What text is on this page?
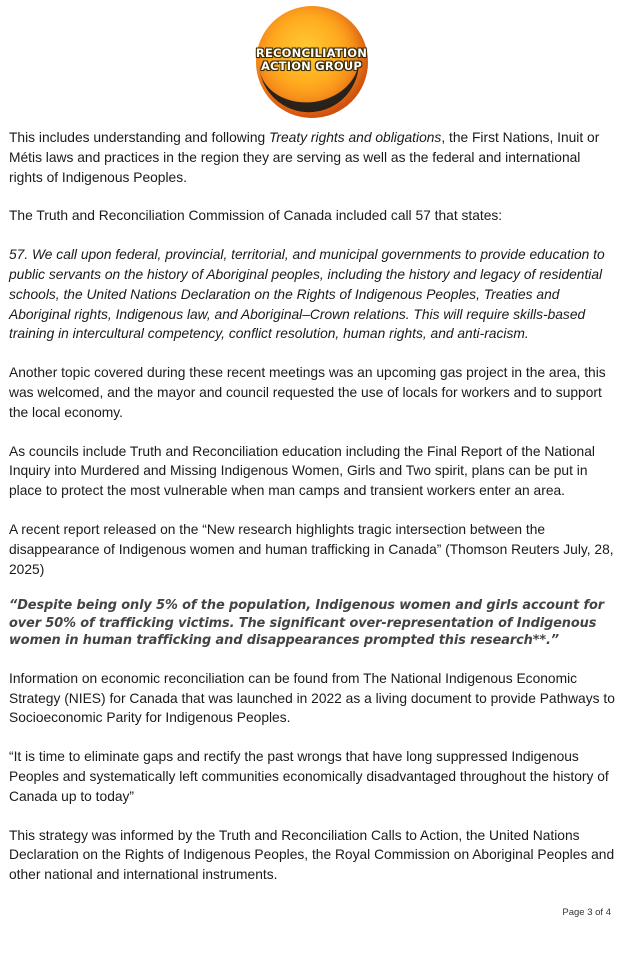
RECONCILIATION
ACTION GROUP

This includes understanding and following Treaty rights and obligations, the First Nations, Inuit or Métis laws and practices in the region they are serving as well as the federal and international rights of Indigenous Peoples.

The Truth and Reconciliation Commission of Canada included call 57 that states:

57. We call upon federal, provincial, territorial, and municipal governments to provide education to public servants on the history of Aboriginal peoples, including the history and legacy of residential schools, the United Nations Declaration on the Rights of Indigenous Peoples, Treaties and Aboriginal rights, Indigenous law, and Aboriginal–Crown relations. This will require skills-based training in intercultural competency, conflict resolution, human rights, and anti-racism.

Another topic covered during these recent meetings was an upcoming gas project in the area, this was welcomed, and the mayor and council requested the use of locals for workers and to support the local economy.

As councils include Truth and Reconciliation education including the Final Report of the National Inquiry into Murdered and Missing Indigenous Women, Girls and Two spirit, plans can be put in place to protect the most vulnerable when man camps and transient workers enter an area.

A recent report released on the “New research highlights tragic intersection between the disappearance of Indigenous women and human trafficking in Canada” (Thomson Reuters July, 28, 2025)

“Despite being only 5% of the population, Indigenous women and girls account for over 50% of trafficking victims. The significant over-representation of Indigenous women in human trafficking and disappearances prompted this research**.”

Information on economic reconciliation can be found from The National Indigenous Economic Strategy (NIES) for Canada that was launched in 2022 as a living document to provide Pathways to Socioeconomic Parity for Indigenous Peoples.

“It is time to eliminate gaps and rectify the past wrongs that have long suppressed Indigenous Peoples and systematically left communities economically disadvantaged throughout the history of Canada up to today”

This strategy was informed by the Truth and Reconciliation Calls to Action, the United Nations Declaration on the Rights of Indigenous Peoples, the Royal Commission on Aboriginal Peoples and other national and international instruments.

Page 3 of 4
